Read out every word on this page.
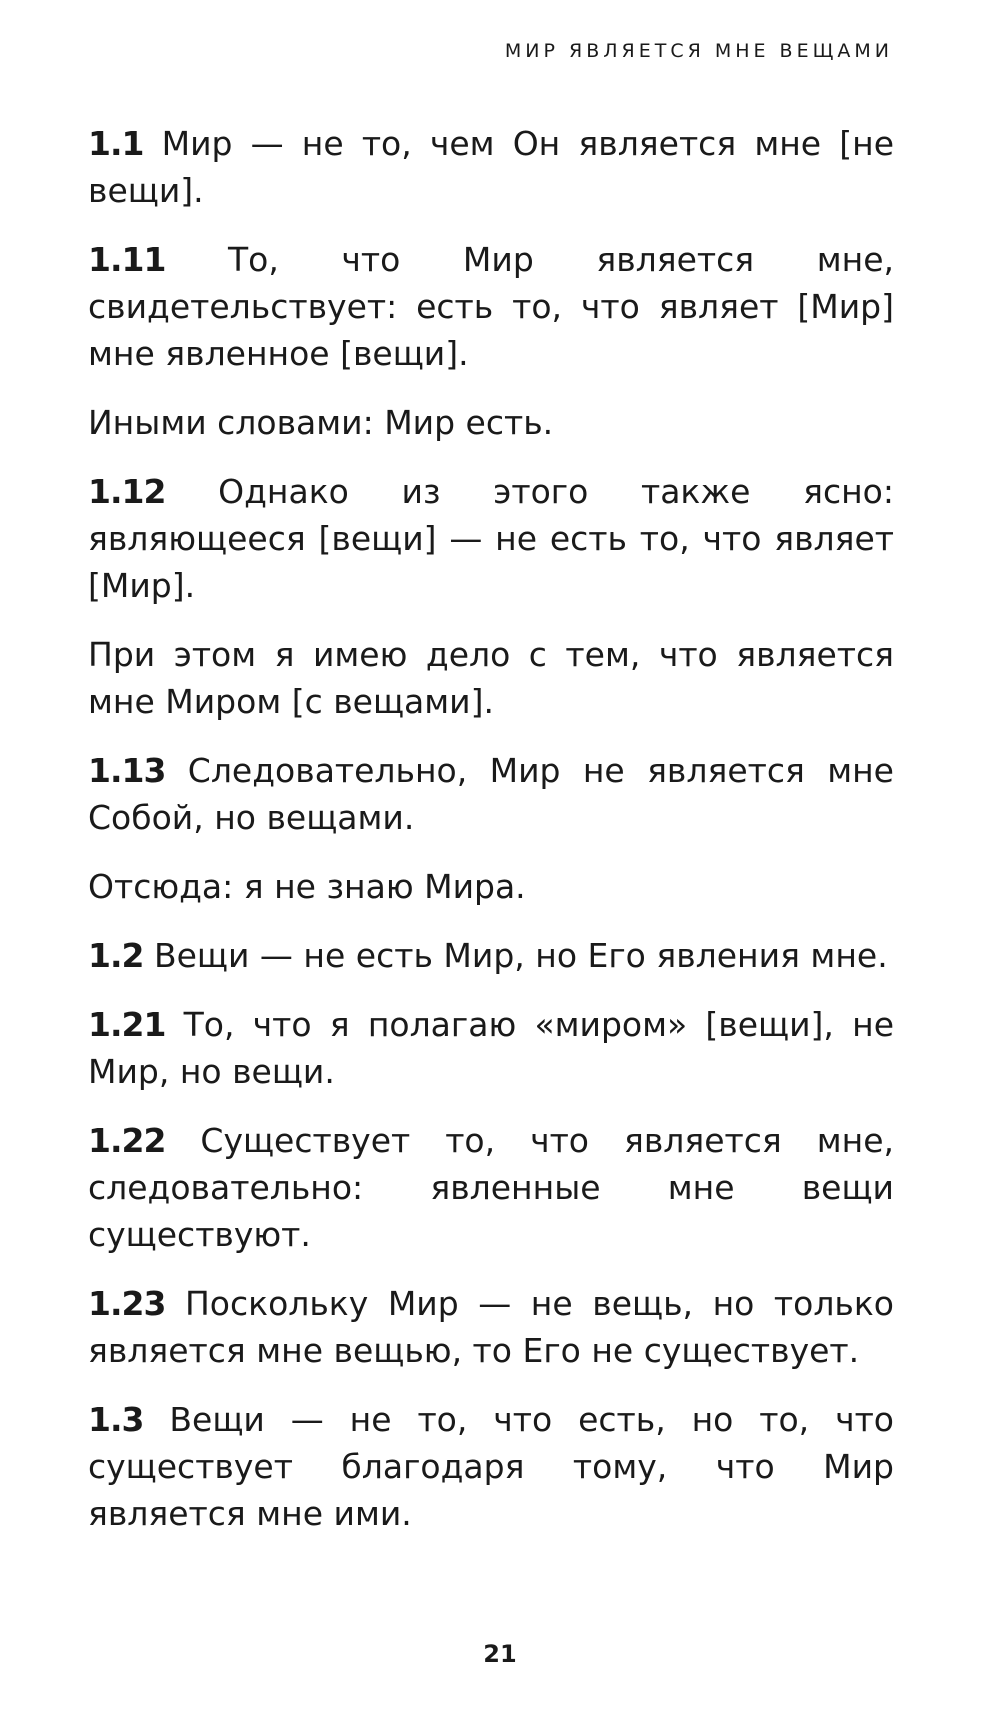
МИР ЯВЛЯЕТСЯ МНЕ ВЕЩАМИ

1.1 Мир — не то, чем Он является мне [не вещи].

1.11 То, что Мир является мне, свидетельствует: есть то, что являет [Мир] мне явленное [вещи].

Иными словами: Мир есть.

1.12 Однако из этого также ясно: являющееся [вещи] — не есть то, что являет [Мир].

При этом я имею дело с тем, что является мне Миром [с вещами].

1.13 Следовательно, Мир не является мне Собой, но вещами.

Отсюда: я не знаю Мира.

1.2 Вещи — не есть Мир, но Его явления мне.

1.21 То, что я полагаю «миром» [вещи], не Мир, но вещи.

1.22 Существует то, что является мне, следовательно: явленные мне вещи существуют.

1.23 Поскольку Мир — не вещь, но только является мне вещью, то Его не существует.

1.3 Вещи — не то, что есть, но то, что существует благодаря тому, что Мир является мне ими.

21
